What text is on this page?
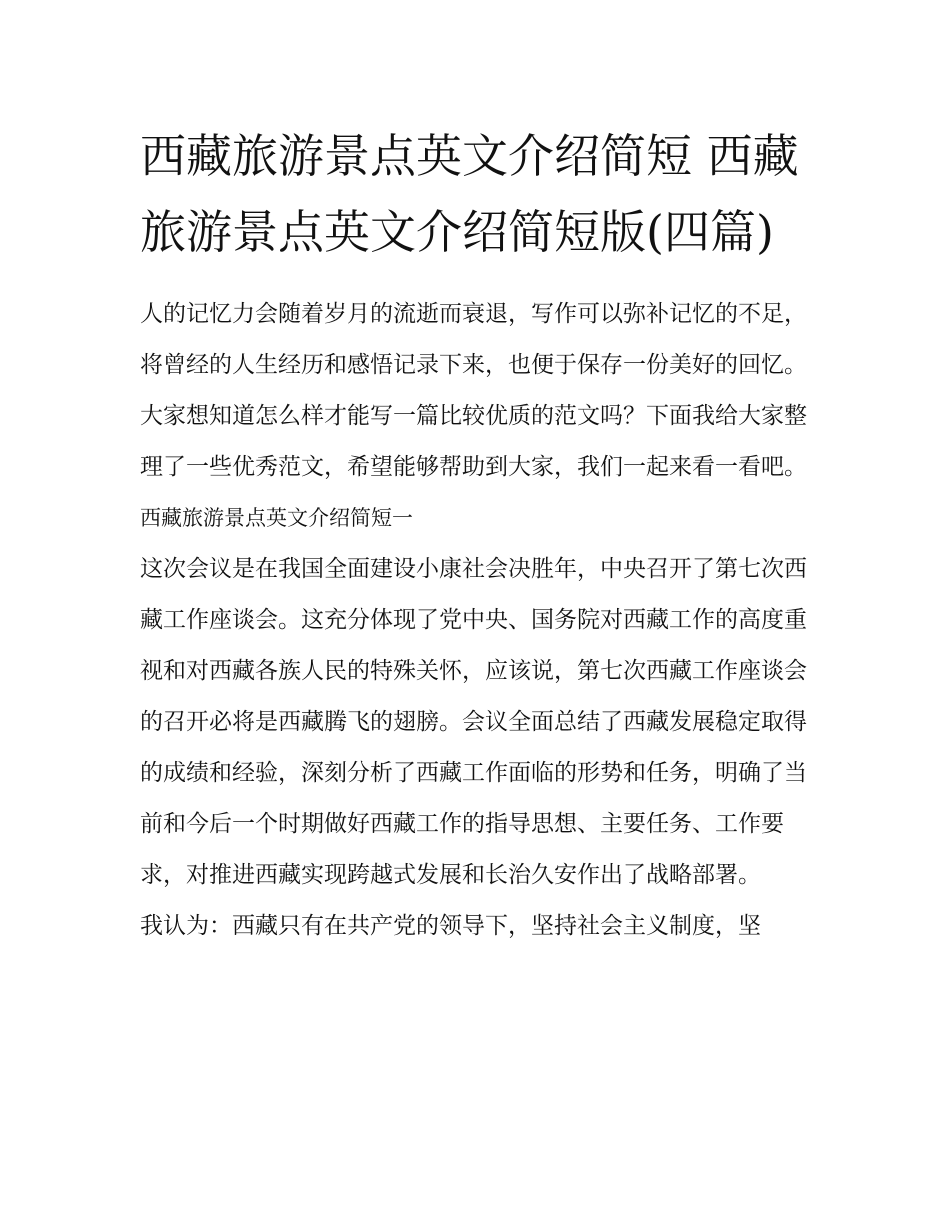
西藏旅游景点英文介绍简短 西藏旅游景点英文介绍简短版(四篇)

人的记忆力会随着岁月的流逝而衰退，写作可以弥补记忆的不足，将曾经的人生经历和感悟记录下来，也便于保存一份美好的回忆。大家想知道怎么样才能写一篇比较优质的范文吗？下面我给大家整理了一些优秀范文，希望能够帮助到大家，我们一起来看一看吧。

西藏旅游景点英文介绍简短一

这次会议是在我国全面建设小康社会决胜年，中央召开了第七次西藏工作座谈会。这充分体现了党中央、国务院对西藏工作的高度重视和对西藏各族人民的特殊关怀，应该说，第七次西藏工作座谈会的召开必将是西藏腾飞的翅膀。会议全面总结了西藏发展稳定取得的成绩和经验，深刻分析了西藏工作面临的形势和任务，明确了当前和今后一个时期做好西藏工作的指导思想、主要任务、工作要求，对推进西藏实现跨越式发展和长治久安作出了战略部署。

我认为：西藏只有在共产党的领导下，坚持社会主义制度，坚
